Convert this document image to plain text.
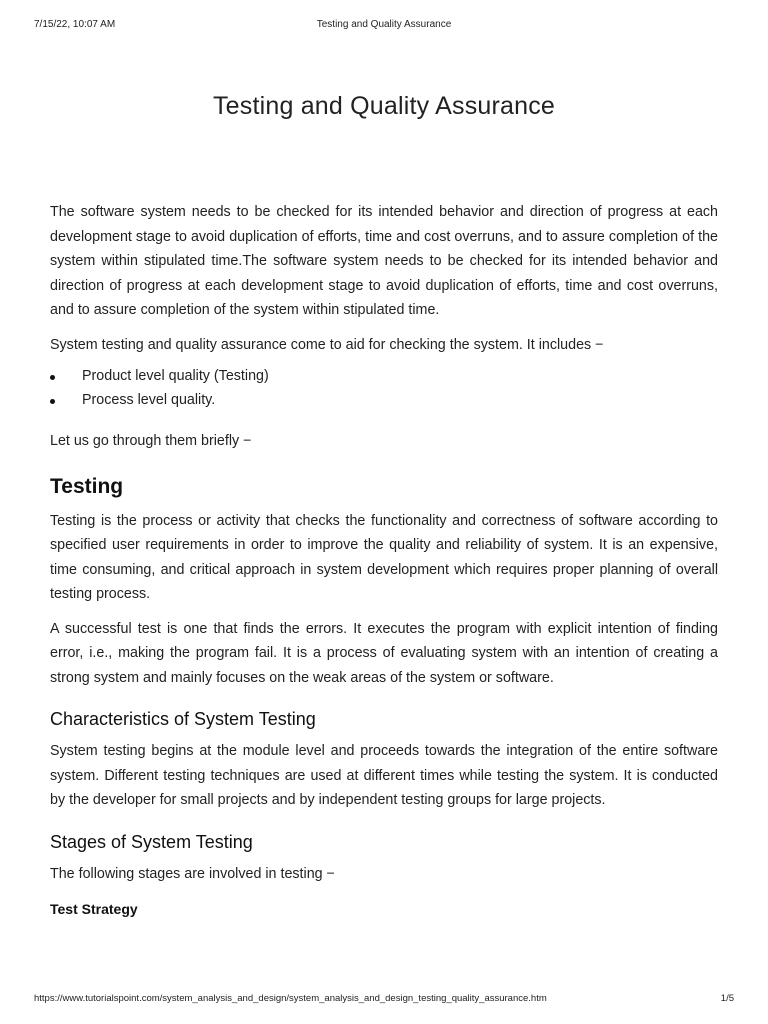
7/15/22, 10:07 AM	Testing and Quality Assurance
Testing and Quality Assurance

The software system needs to be checked for its intended behavior and direction of progress at each development stage to avoid duplication of efforts, time and cost overruns, and to assure completion of the system within stipulated time.The software system needs to be checked for its intended behavior and direction of progress at each development stage to avoid duplication of efforts, time and cost overruns, and to assure completion of the system within stipulated time.

System testing and quality assurance come to aid for checking the system. It includes −

Product level quality (Testing)
Process level quality.

Let us go through them briefly −

Testing

Testing is the process or activity that checks the functionality and correctness of software according to specified user requirements in order to improve the quality and reliability of system. It is an expensive, time consuming, and critical approach in system development which requires proper planning of overall testing process.

A successful test is one that finds the errors. It executes the program with explicit intention of finding error, i.e., making the program fail. It is a process of evaluating system with an intention of creating a strong system and mainly focuses on the weak areas of the system or software.

Characteristics of System Testing

System testing begins at the module level and proceeds towards the integration of the entire software system. Different testing techniques are used at different times while testing the system. It is conducted by the developer for small projects and by independent testing groups for large projects.

Stages of System Testing

The following stages are involved in testing −

Test Strategy
https://www.tutorialspoint.com/system_analysis_and_design/system_analysis_and_design_testing_quality_assurance.htm	1/5
